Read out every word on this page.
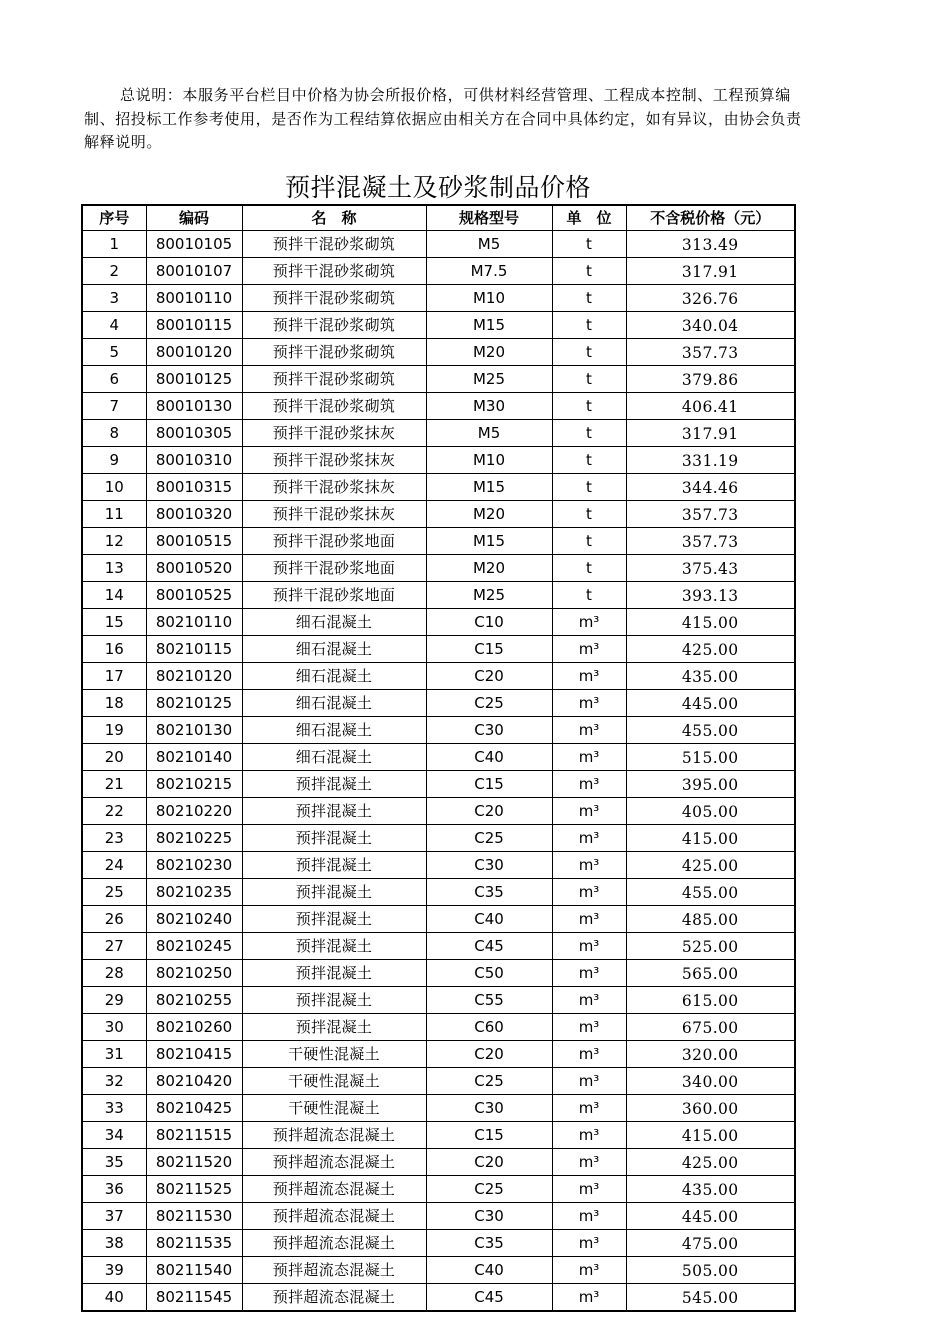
总说明：本服务平台栏目中价格为协会所报价格，可供材料经营管理、工程成本控制、工程预算编制、招投标工作参考使用，是否作为工程结算依据应由相关方在合同中具体约定，如有异议，由协会负责解释说明。
预拌混凝土及砂浆制品价格
序号	编码	名　称	规格型号	单　位	不含税价格（元）
1	80010105	预拌干混砂浆砌筑	M5	t	313.49
2	80010107	预拌干混砂浆砌筑	M7.5	t	317.91
3	80010110	预拌干混砂浆砌筑	M10	t	326.76
4	80010115	预拌干混砂浆砌筑	M15	t	340.04
5	80010120	预拌干混砂浆砌筑	M20	t	357.73
6	80010125	预拌干混砂浆砌筑	M25	t	379.86
7	80010130	预拌干混砂浆砌筑	M30	t	406.41
8	80010305	预拌干混砂浆抹灰	M5	t	317.91
9	80010310	预拌干混砂浆抹灰	M10	t	331.19
10	80010315	预拌干混砂浆抹灰	M15	t	344.46
11	80010320	预拌干混砂浆抹灰	M20	t	357.73
12	80010515	预拌干混砂浆地面	M15	t	357.73
13	80010520	预拌干混砂浆地面	M20	t	375.43
14	80010525	预拌干混砂浆地面	M25	t	393.13
15	80210110	细石混凝土	C10	m³	415.00
16	80210115	细石混凝土	C15	m³	425.00
17	80210120	细石混凝土	C20	m³	435.00
18	80210125	细石混凝土	C25	m³	445.00
19	80210130	细石混凝土	C30	m³	455.00
20	80210140	细石混凝土	C40	m³	515.00
21	80210215	预拌混凝土	C15	m³	395.00
22	80210220	预拌混凝土	C20	m³	405.00
23	80210225	预拌混凝土	C25	m³	415.00
24	80210230	预拌混凝土	C30	m³	425.00
25	80210235	预拌混凝土	C35	m³	455.00
26	80210240	预拌混凝土	C40	m³	485.00
27	80210245	预拌混凝土	C45	m³	525.00
28	80210250	预拌混凝土	C50	m³	565.00
29	80210255	预拌混凝土	C55	m³	615.00
30	80210260	预拌混凝土	C60	m³	675.00
31	80210415	干硬性混凝土	C20	m³	320.00
32	80210420	干硬性混凝土	C25	m³	340.00
33	80210425	干硬性混凝土	C30	m³	360.00
34	80211515	预拌超流态混凝土	C15	m³	415.00
35	80211520	预拌超流态混凝土	C20	m³	425.00
36	80211525	预拌超流态混凝土	C25	m³	435.00
37	80211530	预拌超流态混凝土	C30	m³	445.00
38	80211535	预拌超流态混凝土	C35	m³	475.00
39	80211540	预拌超流态混凝土	C40	m³	505.00
40	80211545	预拌超流态混凝土	C45	m³	545.00
